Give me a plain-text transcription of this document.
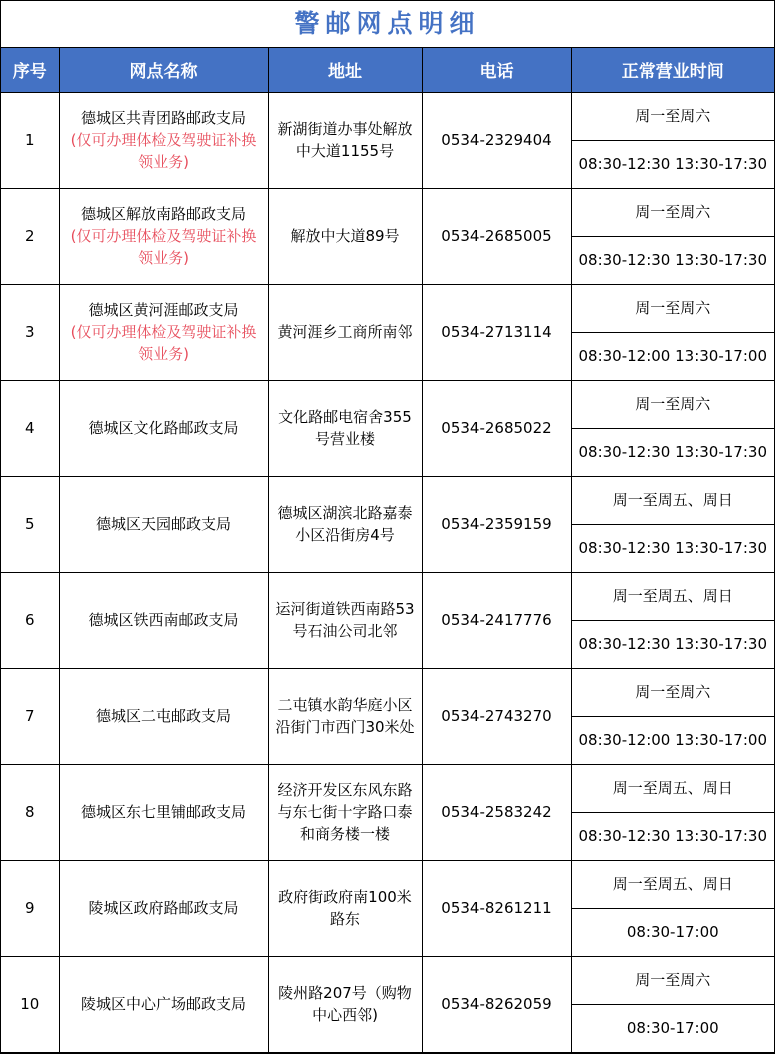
警邮网点明细
序号	网点名称	地址	电话	正常营业时间
1	德城区共青团路邮政支局
(仅可办理体检及驾驶证补换领业务)	新湖街道办事处解放中大道1155号	0534-2329404	周一至周六
				08:30-12:30 13:30-17:30
2	德城区解放南路邮政支局
(仅可办理体检及驾驶证补换领业务)	解放中大道89号	0534-2685005	周一至周六
				08:30-12:30 13:30-17:30
3	德城区黄河涯邮政支局
(仅可办理体检及驾驶证补换领业务)	黄河涯乡工商所南邻	0534-2713114	周一至周六
				08:30-12:00 13:30-17:00
4	德城区文化路邮政支局	文化路邮电宿舍355号营业楼	0534-2685022	周一至周六
				08:30-12:30 13:30-17:30
5	德城区天园邮政支局	德城区湖滨北路嘉泰小区沿街房4号	0534-2359159	周一至周五、周日
				08:30-12:30 13:30-17:30
6	德城区铁西南邮政支局	运河街道铁西南路53号石油公司北邻	0534-2417776	周一至周五、周日
				08:30-12:30 13:30-17:30
7	德城区二屯邮政支局	二屯镇水韵华庭小区沿街门市西门30米处	0534-2743270	周一至周六
				08:30-12:00 13:30-17:00
8	德城区东七里铺邮政支局	经济开发区东风东路与东七街十字路口泰和商务楼一楼	0534-2583242	周一至周五、周日
				08:30-12:30 13:30-17:30
9	陵城区政府路邮政支局	政府街政府南100米路东	0534-8261211	周一至周五、周日
				08:30-17:00
10	陵城区中心广场邮政支局	陵州路207号（购物中心西邻)	0534-8262059	周一至周六
				08:30-17:00
